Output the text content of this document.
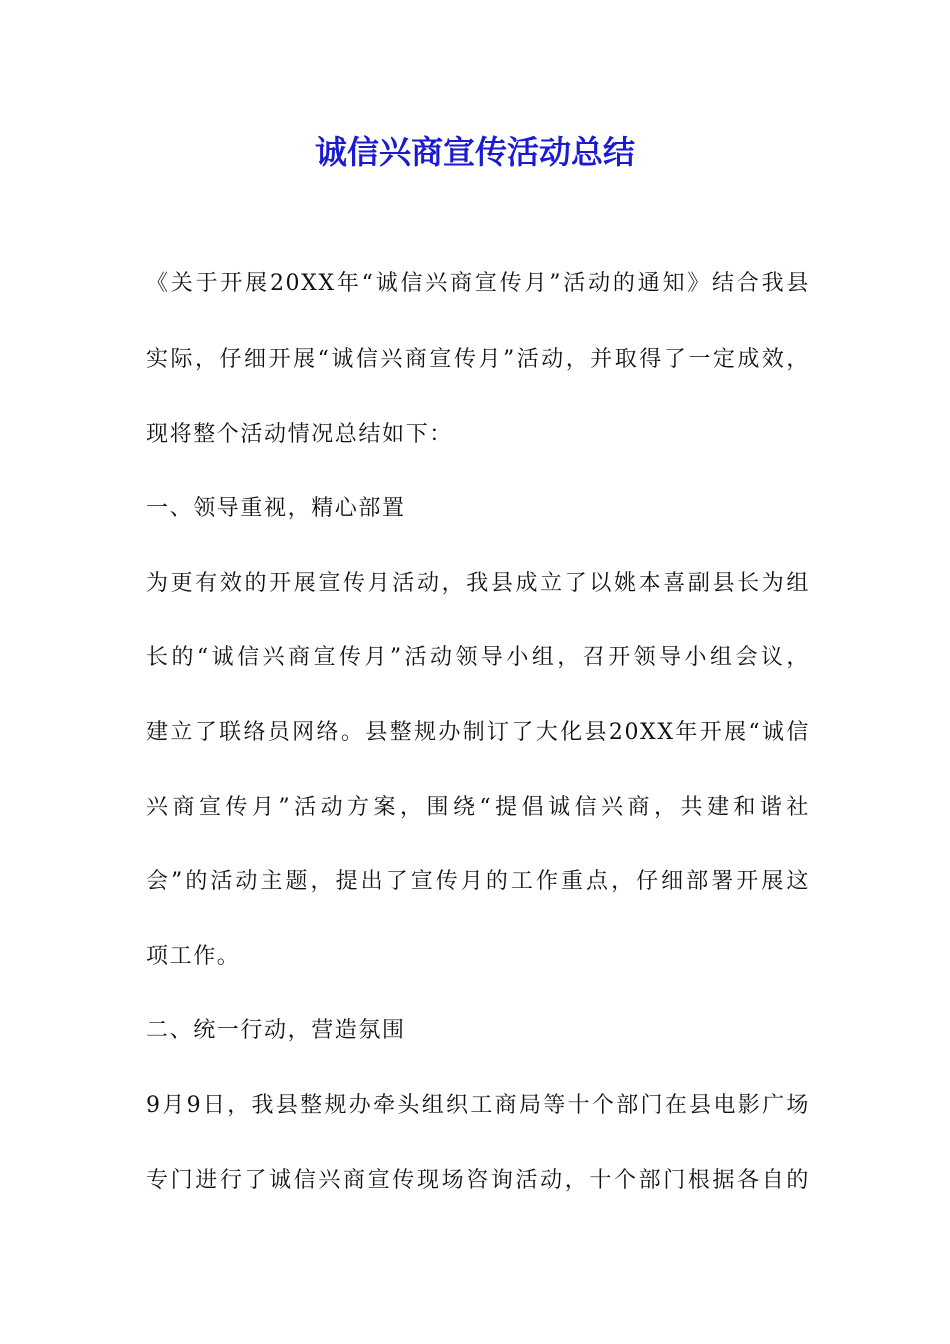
诚信兴商宣传活动总结
《关于开展20XX年“诚信兴商宣传月”活动的通知》结合我县
实际，仔细开展“诚信兴商宣传月”活动，并取得了一定成效，
现将整个活动情况总结如下：
一、领导重视，精心部置
为更有效的开展宣传月活动，我县成立了以姚本喜副县长为组
长的“诚信兴商宣传月”活动领导小组，召开领导小组会议，
建立了联络员网络。县整规办制订了大化县20XX年开展“诚信
兴商宣传月”活动方案，围绕“提倡诚信兴商，共建和谐社
会”的活动主题，提出了宣传月的工作重点，仔细部署开展这
项工作。
二、统一行动，营造氛围
9月9日，我县整规办牵头组织工商局等十个部门在县电影广场
专门进行了诚信兴商宣传现场咨询活动，十个部门根据各自的
